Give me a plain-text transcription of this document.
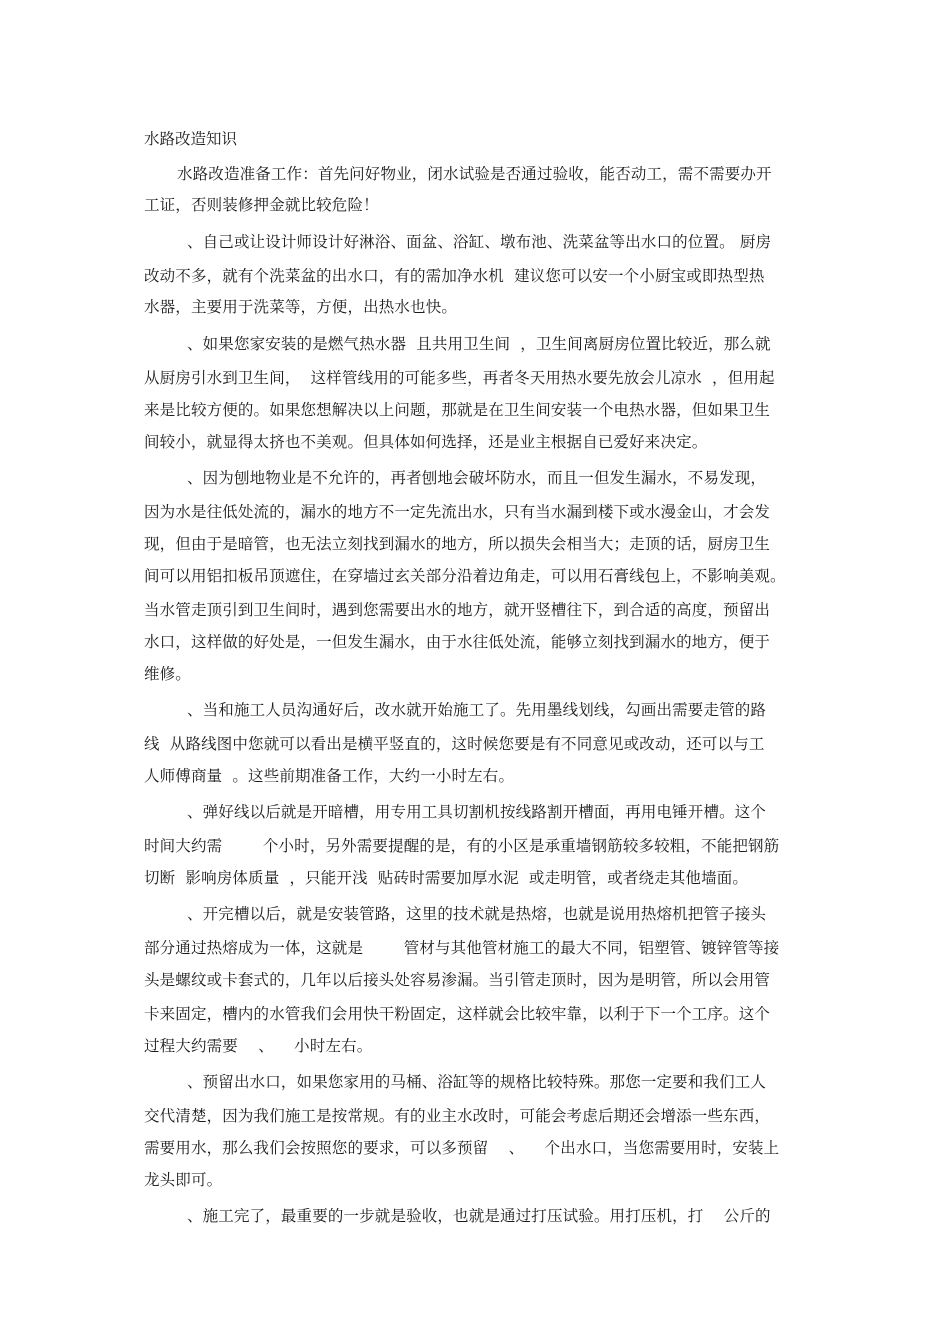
水路改造知识
水路改造准备工作：首先问好物业，闭水试验是否通过验收，能否动工，需不需要办开
工证，否则装修押金就比较危险！
、自己或让设计师设计好淋浴、面盆、浴缸、墩布池、洗菜盆等出水口的位置。 厨房
改动不多，就有个洗菜盆的出水口，有的需加净水机  建议您可以安一个小厨宝或即热型热
水器，主要用于洗菜等，方便，出热水也快。
、如果您家安装的是燃气热水器  且共用卫生间  ，卫生间离厨房位置比较近，那么就
从厨房引水到卫生间，  这样管线用的可能多些，再者冬天用热水要先放会儿凉水  ，但用起
来是比较方便的。如果您想解决以上问题，那就是在卫生间安装一个电热水器，但如果卫生
间较小，就显得太挤也不美观。但具体如何选择，还是业主根据自已爱好来决定。
、因为刨地物业是不允许的，再者刨地会破坏防水，而且一但发生漏水，不易发现，
因为水是往低处流的，漏水的地方不一定先流出水，只有当水漏到楼下或水漫金山，才会发
现，但由于是暗管，也无法立刻找到漏水的地方，所以损失会相当大；走顶的话，厨房卫生
间可以用铝扣板吊顶遮住，在穿墙过玄关部分沿着边角走，可以用石膏线包上，不影响美观。
当水管走顶引到卫生间时，遇到您需要出水的地方，就开竖槽往下，到合适的高度，预留出
水口，这样做的好处是，一但发生漏水，由于水往低处流，能够立刻找到漏水的地方，便于
维修。
、当和施工人员沟通好后，改水就开始施工了。先用墨线划线，勾画出需要走管的路
线  从路线图中您就可以看出是横平竖直的，这时候您要是有不同意见或改动，还可以与工
人师傅商量  。这些前期准备工作，大约一小时左右。
、弹好线以后就是开暗槽，用专用工具切割机按线路割开槽面，再用电锤开槽。这个
时间大约需        个小时，另外需要提醒的是，有的小区是承重墙钢筋较多较粗，不能把钢筋
切断  影响房体质量  ，只能开浅  贴砖时需要加厚水泥  或走明管，或者绕走其他墙面。
、开完槽以后，就是安装管路，这里的技术就是热熔，也就是说用热熔机把管子接头
部分通过热熔成为一体，这就是        管材与其他管材施工的最大不同，铝塑管、镀锌管等接
头是螺纹或卡套式的，几年以后接头处容易渗漏。当引管走顶时，因为是明管，所以会用管
卡来固定，槽内的水管我们会用快干粉固定，这样就会比较牢靠，以利于下一个工序。这个
过程大约需要    、    小时左右。
、预留出水口，如果您家用的马桶、浴缸等的规格比较特殊。那您一定要和我们工人
交代清楚，因为我们施工是按常规。有的业主水改时，可能会考虑后期还会增添一些东西，
需要用水，那么我们会按照您的要求，可以多预留    、    个出水口，当您需要用时，安装上
龙头即可。
、施工完了，最重要的一步就是验收，也就是通过打压试验。用打压机，打    公斤的
